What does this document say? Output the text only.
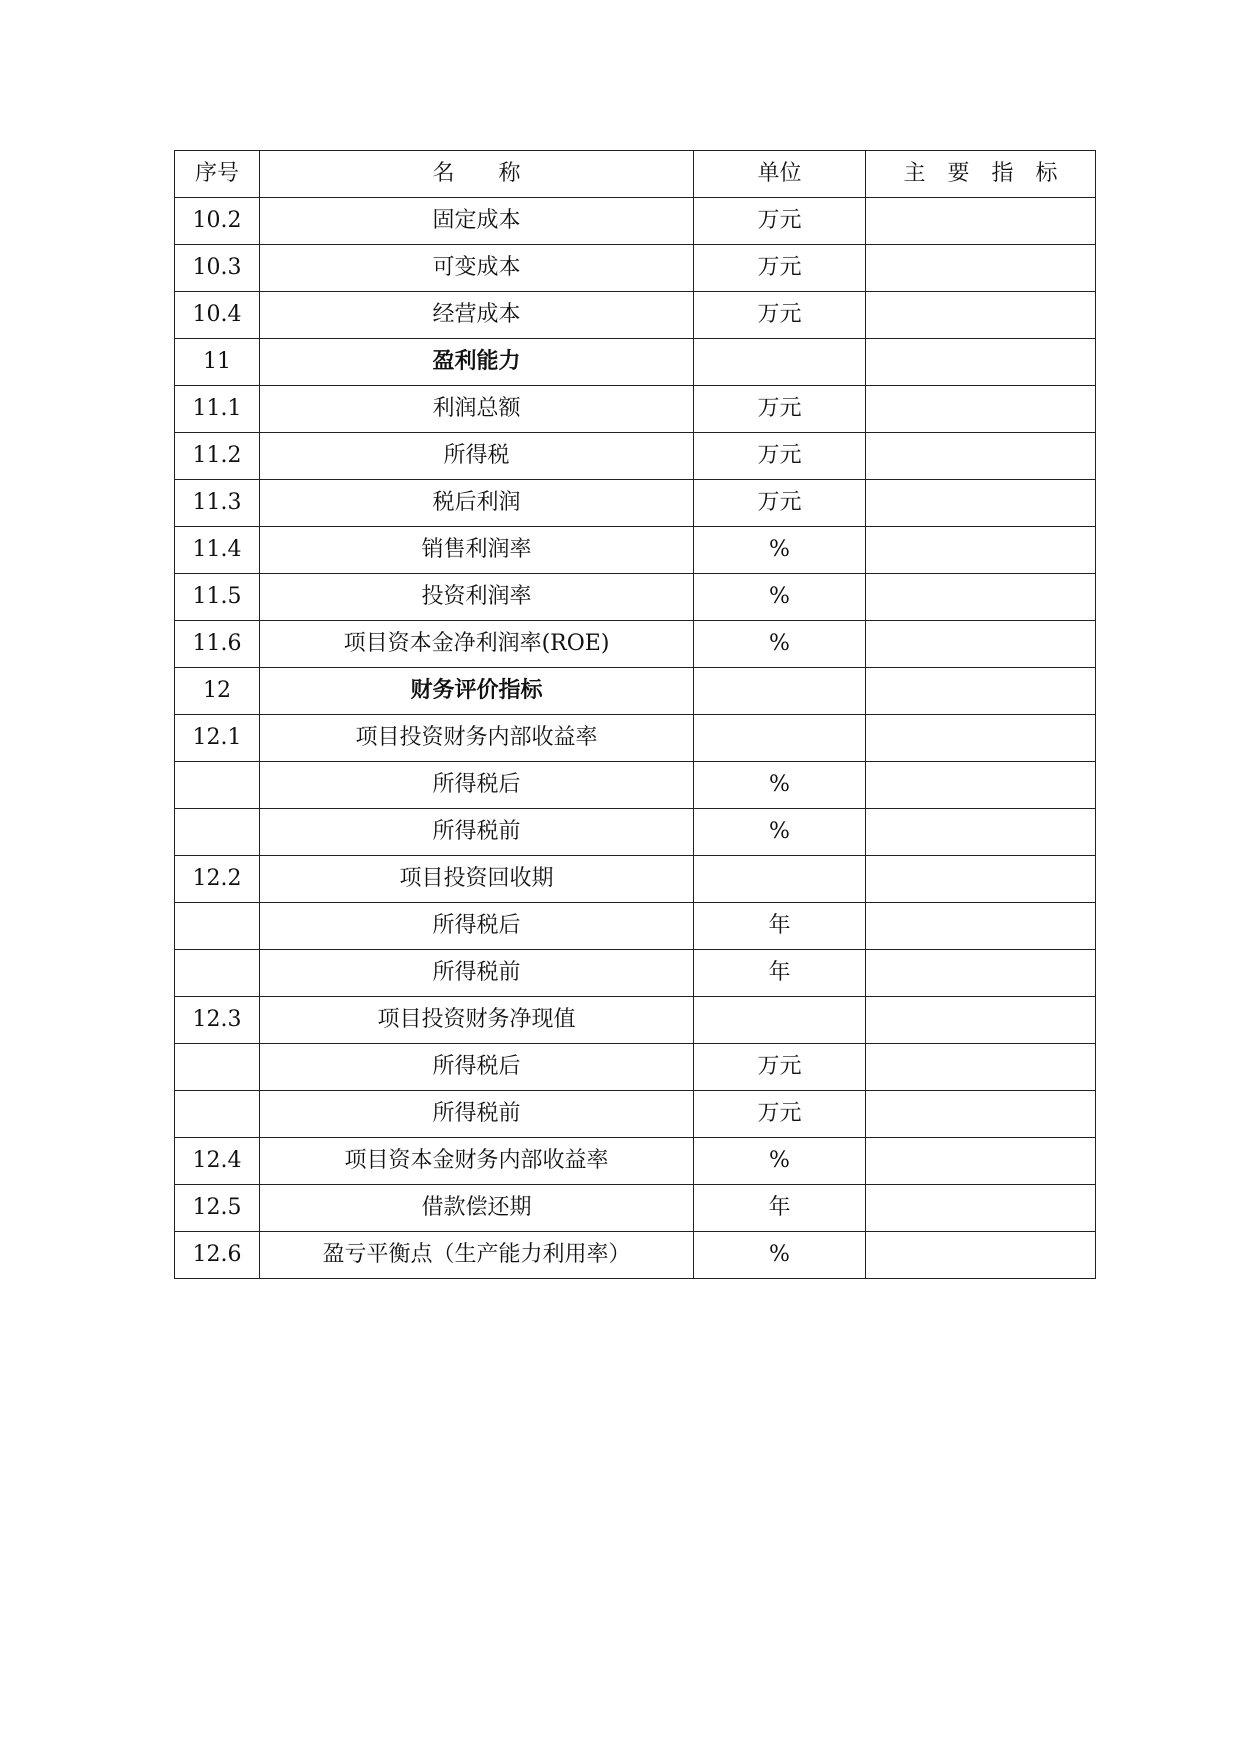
序号	名　　称	单位	主　要　指　标
10.2	固定成本	万元	
10.3	可变成本	万元	
10.4	经营成本	万元	
11	盈利能力		
11.1	利润总额	万元	
11.2	所得税	万元	
11.3	税后利润	万元	
11.4	销售利润率	%	
11.5	投资利润率	%	
11.6	项目资本金净利润率(ROE)	%	
12	财务评价指标		
12.1	项目投资财务内部收益率		
	所得税后	%	
	所得税前	%	
12.2	项目投资回收期		
	所得税后	年	
	所得税前	年	
12.3	项目投资财务净现值		
	所得税后	万元	
	所得税前	万元	
12.4	项目资本金财务内部收益率	%	
12.5	借款偿还期	年	
12.6	盈亏平衡点（生产能力利用率）	%	
